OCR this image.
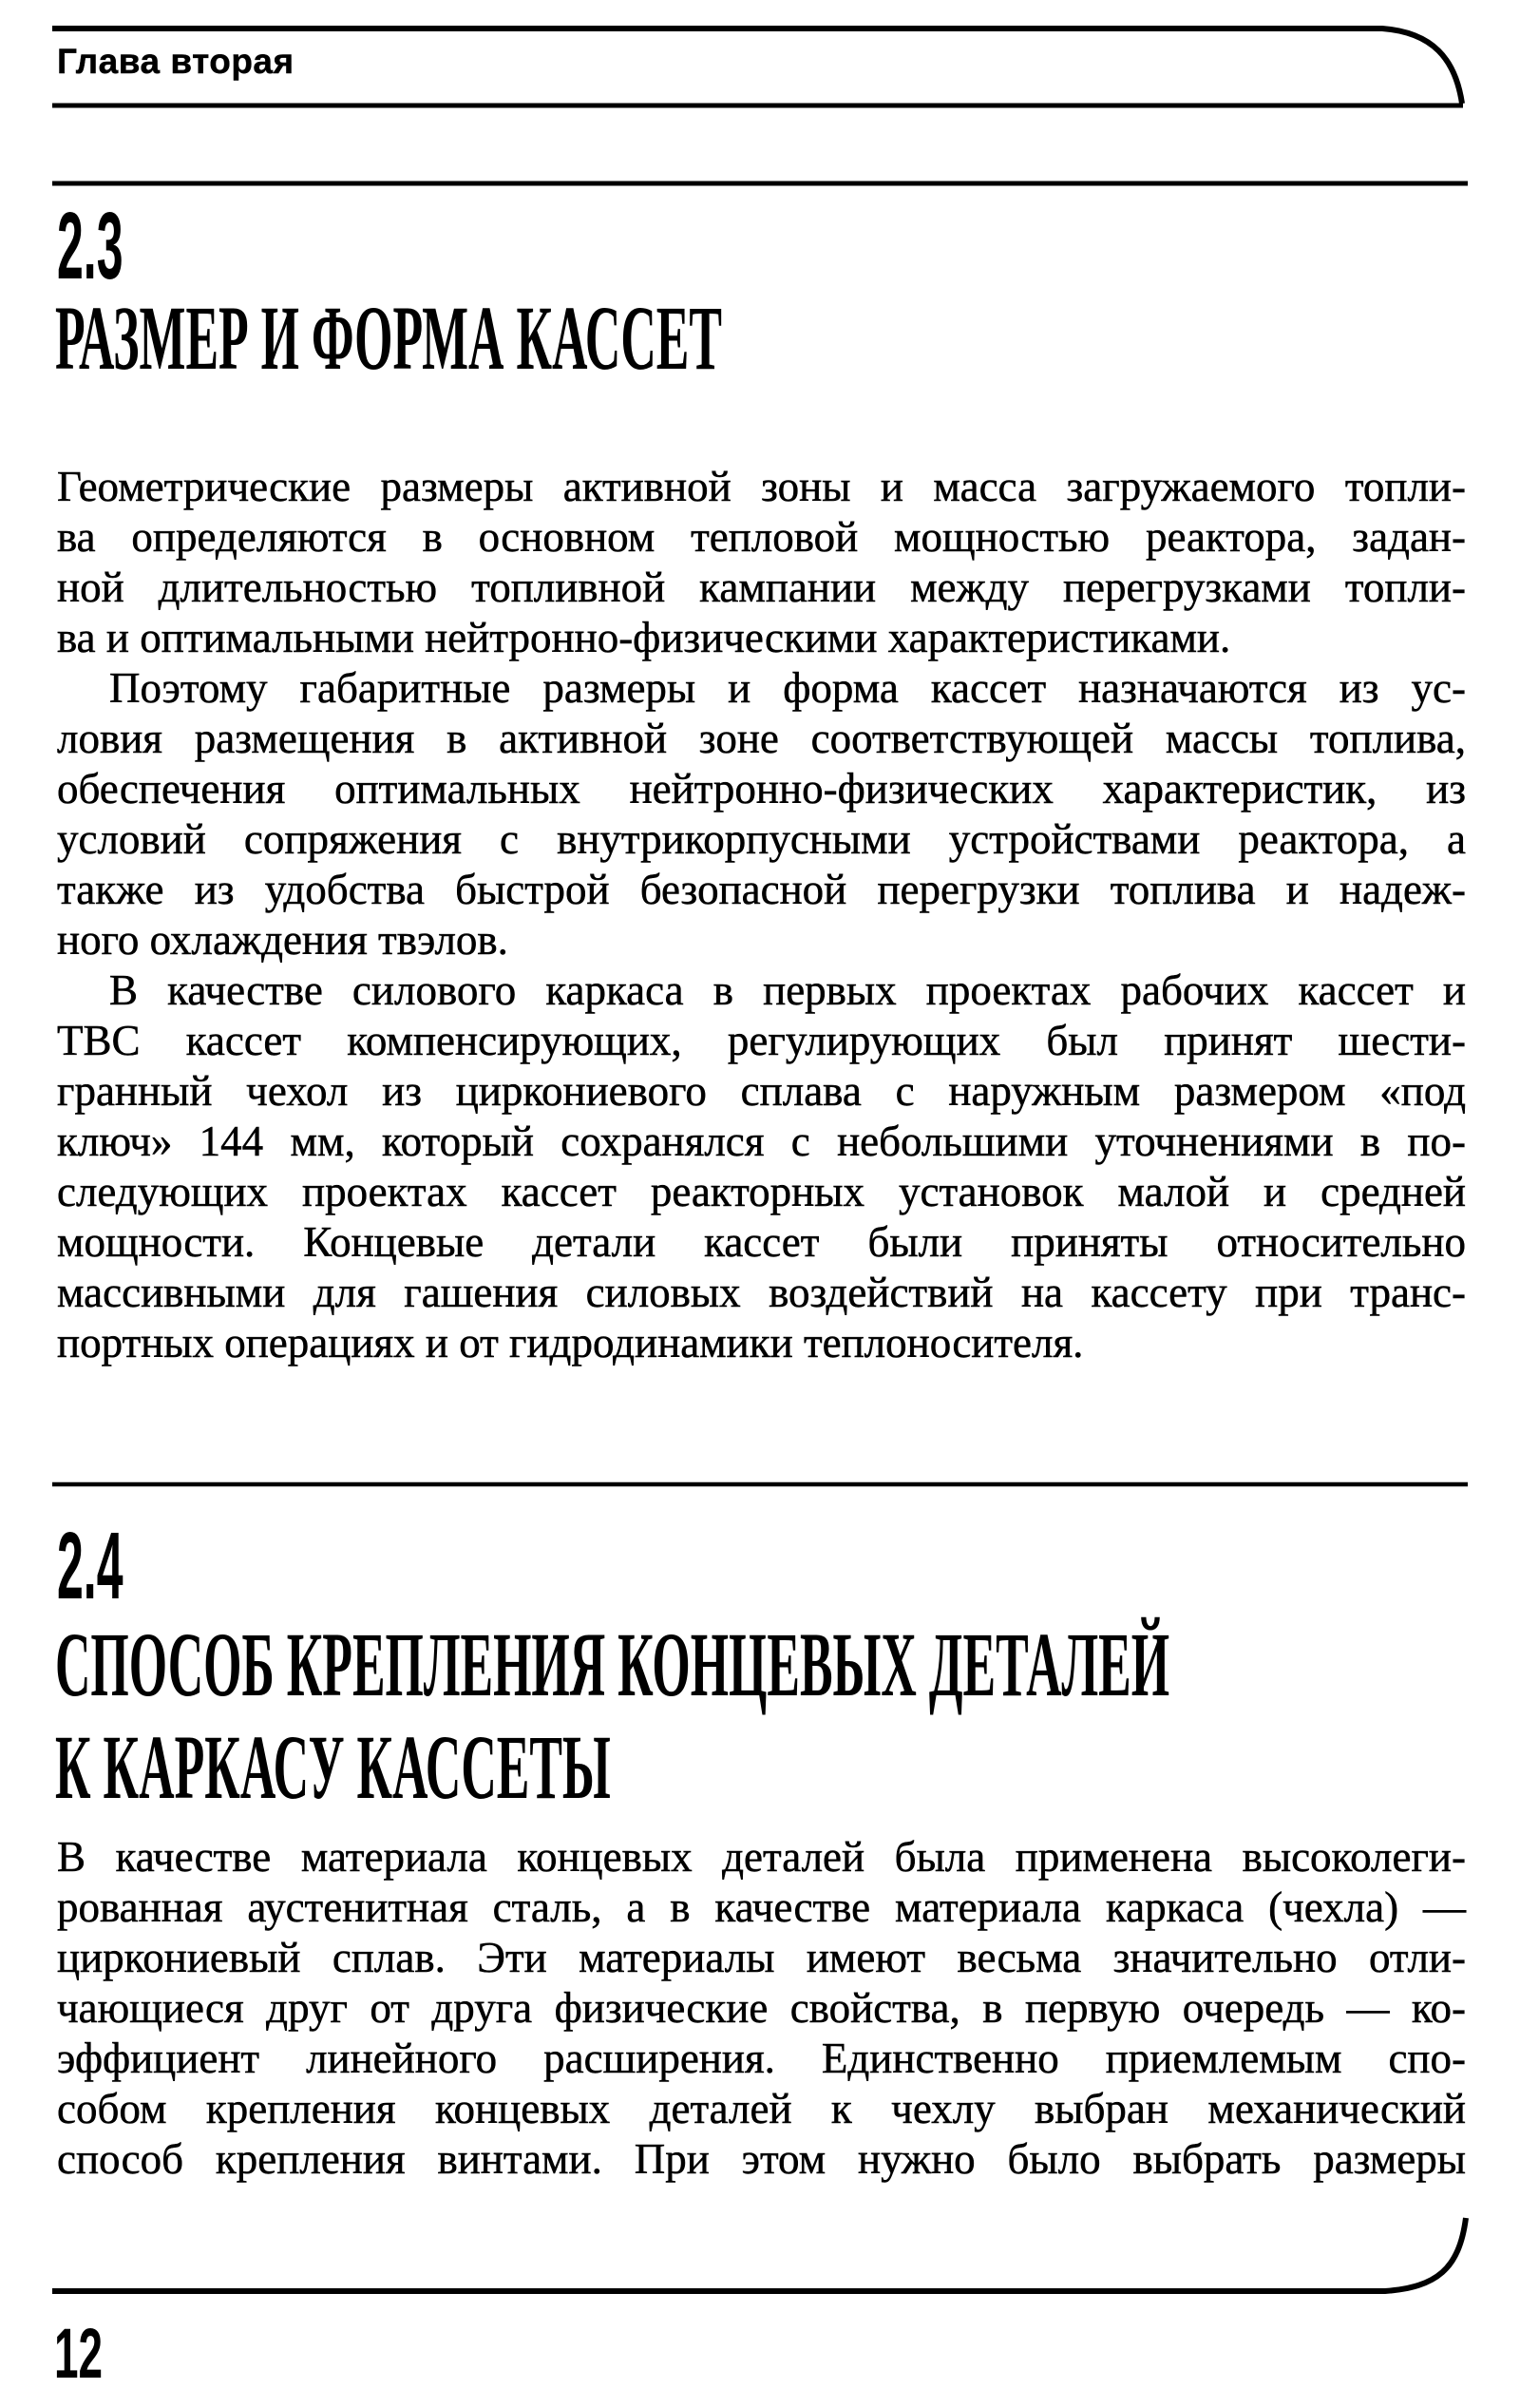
Глава вторая
2.3
РАЗМЕР И ФОРМА КАССЕТ
Геометрические размеры активной зоны и масса загружаемого топли-
ва определяются в основном тепловой мощностью реактора, задан-
ной длительностью топливной кампании между перегрузками топли-
ва и оптимальными нейтронно-физическими характеристиками.
Поэтому габаритные размеры и форма кассет назначаются из ус-
ловия размещения в активной зоне соответствующей массы топлива,
обеспечения оптимальных нейтронно-физических характеристик, из
условий сопряжения с внутрикорпусными устройствами реактора, а
также из удобства быстрой безопасной перегрузки топлива и надеж-
ного охлаждения твэлов.
В качестве силового каркаса в первых проектах рабочих кассет и
ТВС кассет компенсирующих, регулирующих был принят шести-
гранный чехол из циркониевого сплава с наружным размером «под
ключ» 144 мм, который сохранялся с небольшими уточнениями в по-
следующих проектах кассет реакторных установок малой и средней
мощности. Концевые детали кассет были приняты относительно
массивными для гашения силовых воздействий на кассету при транс-
портных операциях и от гидродинамики теплоносителя.
2.4
СПОСОБ КРЕПЛЕНИЯ КОНЦЕВЫХ ДЕТАЛЕЙ
К КАРКАСУ КАССЕТЫ
В качестве материала концевых деталей была применена высоколеги-
рованная аустенитная сталь, а в качестве материала каркаса (чехла) —
циркониевый сплав. Эти материалы имеют весьма значительно отли-
чающиеся друг от друга физические свойства, в первую очередь — ко-
эффициент линейного расширения. Единственно приемлемым спо-
собом крепления концевых деталей к чехлу выбран механический
способ крепления винтами. При этом нужно было выбрать размеры
12
